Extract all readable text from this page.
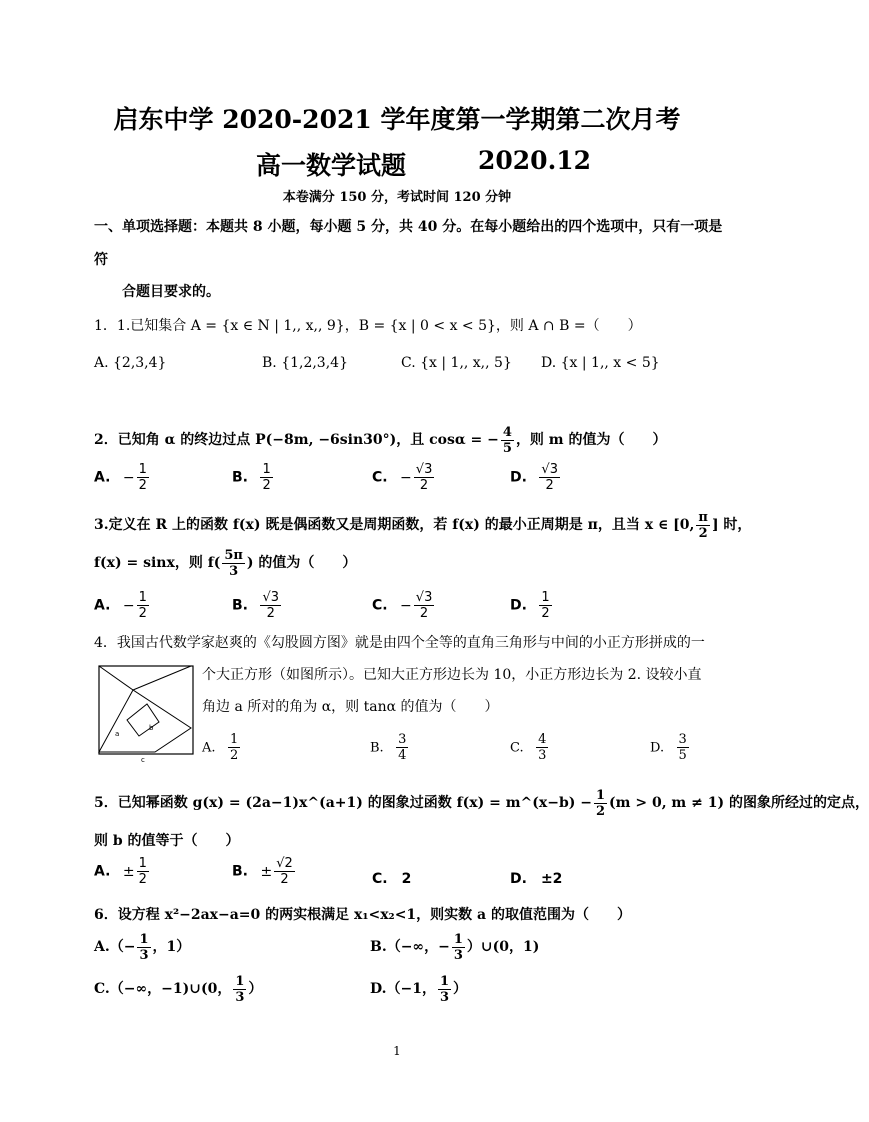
启东中学 2020-2021 学年度第一学期第二次月考
高一数学试题	2020.12
本卷满分 150 分，考试时间 120 分钟
一、单项选择题：本题共 8 小题，每小题 5 分，共 40 分。在每小题给出的四个选项中，只有一项是
符
合题目要求的。
1．1.已知集合 A = {x ∈ N | 1,, x,, 9}，B = {x | 0 < x < 5}，则 A ∩ B =（　　）
A. {2,3,4}	B. {1,2,3,4}	C. {x | 1,, x,, 5} D. {x | 1,, x < 5}
2．已知角 α 的终边过点 P(−8m, −6sin30°)，且 cosα = − $\frac{4}{5}$ ，则 m 的值为（　　）
A. − $\frac{1}{2}$	B. $\frac{1}{2}$	C. − $\frac{√3}{2}$	D. $\frac{√3}{2}$
3.定义在 R 上的函数 f(x) 既是偶函数又是周期函数，若 f(x) 的最小正周期是 π，且当 x ∈ [0, $\frac{\pi}{2}$ ] 时，
f(x) = sinx，则 $f( \frac{5\pi}{3}$ ) 的值为（　　）
A. − $\frac{1}{2}$	B. $\frac{√3}{2}$	C. − $\frac{√3}{2}$	D. $\frac{1}{2}$
4．我国古代数学家赵爽的《勾股圆方图》就是由四个全等的直角三角形与中间的小正方形拼成的一
个大正方形（如图所示）。已知大正方形边长为 10，小正方形边长为 2. 设较小直
角边 a 所对的角为 α，则 tanα 的值为（　　）
a
b
c
A. $\frac{1}{2}$	B. $\frac{3}{4}$	C. $\frac{4}{3}$	D. $\frac{3}{5}$
5．已知幂函数 g(x) = (2a−1)x^(a+1) 的图象过函数 f(x) = m^(x−b) − $\frac{1}{2} (m > 0$, m ≠ 1) 的图象所经过的定点，
则 b 的值等于（　　）
A. ± $\frac{1}{2}$	B. ± $\frac{√2}{2}$	C.　2	D.　±2
6．设方程 x²−2ax−a=0 的两实根满足 x₁<x₂<1，则实数 a 的取值范围为（　　）
$A.(- \frac{1}{3}$ ，1）	B.（−∞，− $\frac{1}{3}$ ）∪(0，1)
C.（−∞，−1)∪(0， $\frac{1}{3}$ ）	D.（−1， $\frac{1}{3}$ ）
1
